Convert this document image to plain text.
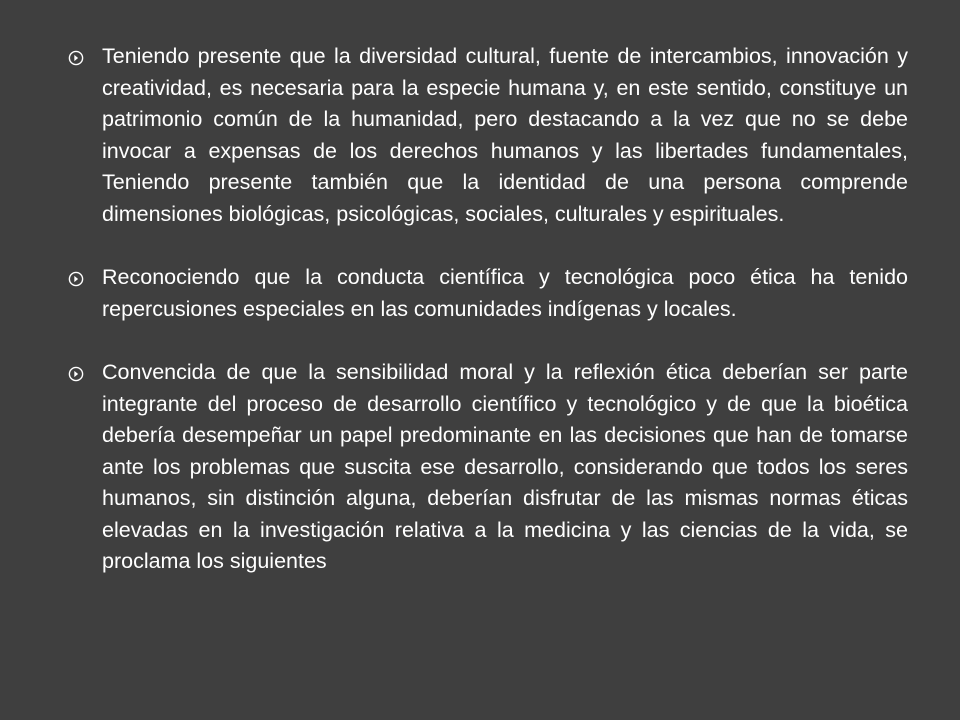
Teniendo presente que la diversidad cultural, fuente de intercambios, innovación y creatividad, es necesaria para la especie humana y, en este sentido, constituye un patrimonio común de la humanidad, pero destacando a la vez que no se debe invocar a expensas de los derechos humanos y las libertades fundamentales, Teniendo presente también que la identidad de una persona comprende dimensiones biológicas, psicológicas, sociales, culturales y espirituales.
Reconociendo que la conducta científica y tecnológica poco ética ha tenido repercusiones especiales en las comunidades indígenas y locales.
Convencida de que la sensibilidad moral y la reflexión ética deberían ser parte integrante del proceso de desarrollo científico y tecnológico y de que la bioética debería desempeñar un papel predominante en las decisiones que han de tomarse ante los problemas que suscita ese desarrollo, considerando que todos los seres humanos, sin distinción alguna, deberían disfrutar de las mismas normas éticas elevadas en la investigación relativa a la medicina y las ciencias de la vida, se proclama los siguientes
